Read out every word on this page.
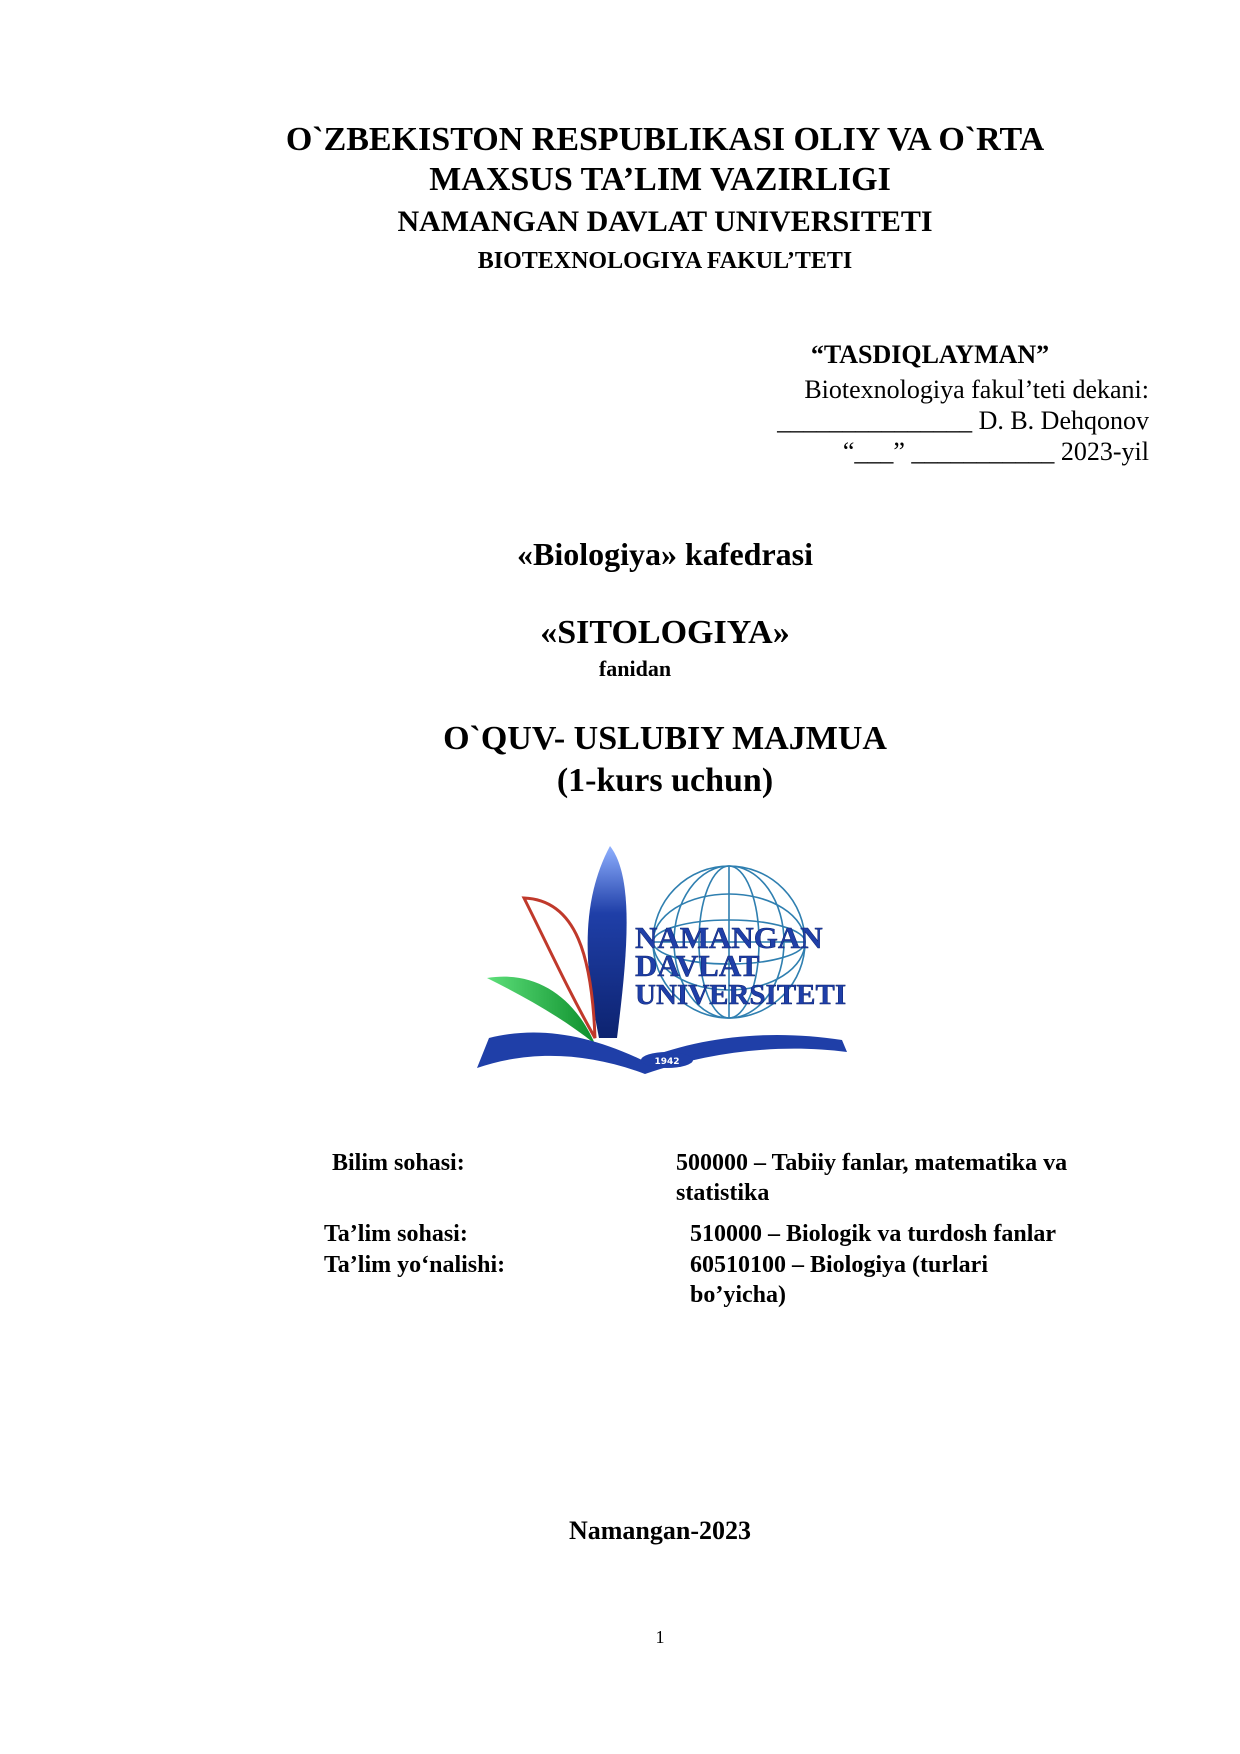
O`ZBEKISTON RESPUBLIKASI OLIY VA O`RTA
MAXSUS TA’LIM VAZIRLIGI
NAMANGAN DAVLAT UNIVERSITETI
BIOTEXNOLOGIYA FAKUL’TETI
“TASDIQLAYMAN”
Biotexnologiya fakul’teti dekani:
_______________ D. B. Dehqonov
“___” ___________ 2023-yil
«Biologiya» kafedrasi
«SITOLOGIYA»
fanidan
O`QUV- USLUBIY MAJMUA
(1-kurs uchun)
1942
NAMANGAN
DAVLAT
UNIVERSITETI
Bilim sohasi:	500000 – Tabiiy fanlar, matematika va statistika
Ta’lim sohasi:	510000 – Biologik va turdosh fanlar
Ta’lim yo‘nalishi:	60510100 – Biologiya (turlari bo’yicha)
Namangan-2023
1
